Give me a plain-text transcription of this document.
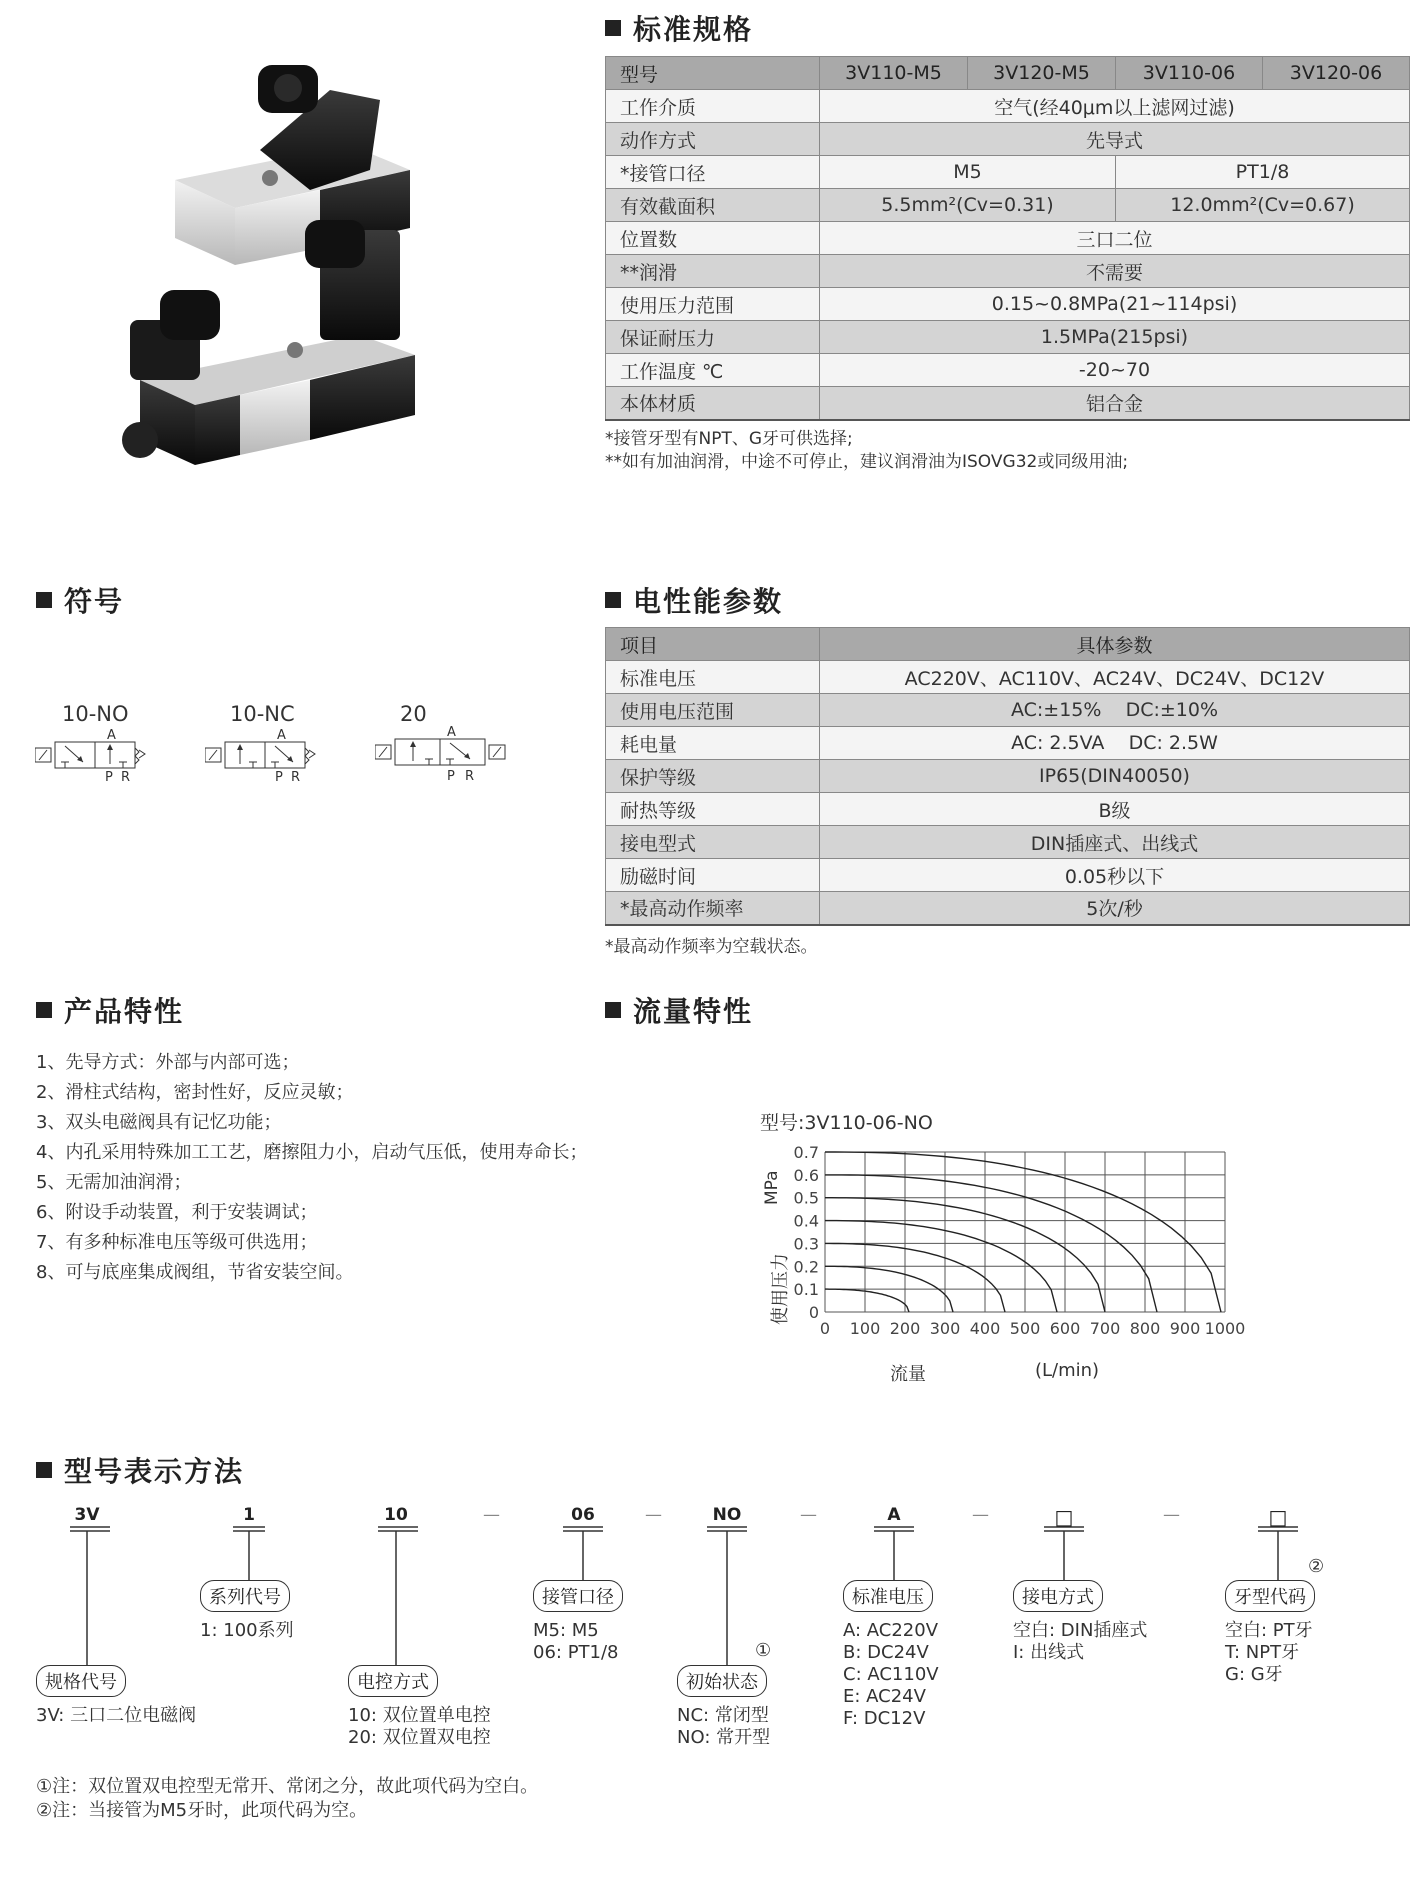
标准规格
型号	3V110-M5	3V120-M5	3V110-06	3V120-06
工作介质	空气(经40μm以上滤网过滤)			
动作方式	先导式			
*接管口径	M5		PT1/8	
有效截面积	5.5mm²(Cv=0.31)		12.0mm²(Cv=0.67)	
位置数	三口二位			
**润滑	不需要			
使用压力范围	0.15~0.8MPa(21~114psi)			
保证耐压力	1.5MPa(215psi)			
工作温度 ℃	-20~70			
本体材质	铝合金			
*接管牙型有NPT、G牙可供选择;
**如有加油润滑，中途不可停止，建议润滑油为ISOVG32或同级用油;
符号
10-NO	10-NC	20
A
P R
A
P R
A
P R
电性能参数
项目	具体参数
标准电压	AC220V、AC110V、AC24V、DC24V、DC12V
使用电压范围	AC:±15%    DC:±10%
耗电量	AC: 2.5VA    DC: 2.5W
保护等级	IP65(DIN40050)
耐热等级	B级
接电型式	DIN插座式、出线式
励磁时间	0.05秒以下
*最高动作频率	5次/秒
*最高动作频率为空载状态。
产品特性
1、先导方式：外部与内部可选；
2、滑柱式结构，密封性好，反应灵敏；
3、双头电磁阀具有记忆功能；
4、内孔采用特殊加工工艺，磨擦阻力小，启动气压低，使用寿命长；
5、无需加油润滑；
6、附设手动装置，利于安装调试；
7、有多种标准电压等级可供选用；
8、可与底座集成阀组，节省安装空间。
流量特性
型号:3V110-06-NO
0 100 200 300 400 500 600 700 800 900 1000
0
0.1
0.2
0.3
0.4
0.5
0.6
0.7
MPa
使用压力
流量	(L/min)
型号表示方法
3V	1	10	06	NO	A	□	□
—	—	—	—	—
规格代号
3V: 三口二位电磁阀
系列代号
1: 100系列
电控方式
10: 双位置单电控
20: 双位置双电控
接管口径
M5: M5
06: PT1/8	①
初始状态
NC: 常闭型
NO: 常开型
标准电压
A: AC220V
B: DC24V
C: AC110V
E: AC24V
F: DC12V
接电方式
空白: DIN插座式
I: 出线式
②
牙型代码
空白: PT牙
T: NPT牙
G: G牙
①注：双位置双电控型无常开、常闭之分，故此项代码为空白。
②注：当接管为M5牙时，此项代码为空。
